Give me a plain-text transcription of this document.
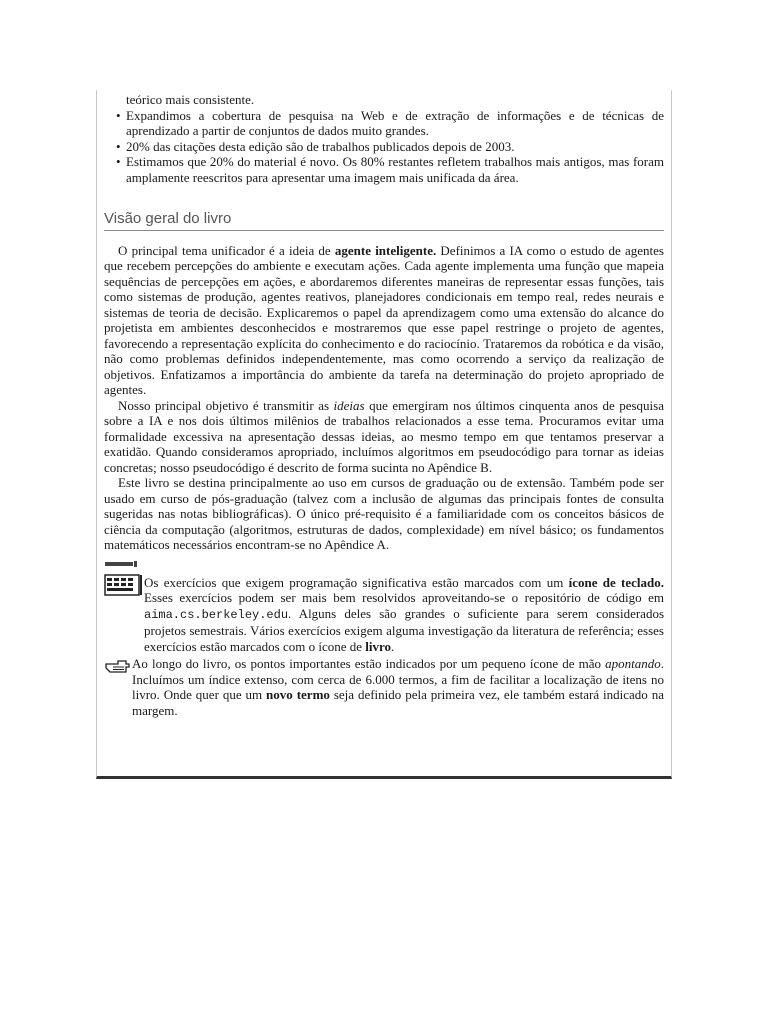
teórico mais consistente.
• Expandimos a cobertura de pesquisa na Web e de extração de informações e de técnicas de aprendizado a partir de conjuntos de dados muito grandes.
• 20% das citações desta edição são de trabalhos publicados depois de 2003.
• Estimamos que 20% do material é novo. Os 80% restantes refletem trabalhos mais antigos, mas foram amplamente reescritos para apresentar uma imagem mais unificada da área.
Visão geral do livro

O principal tema unificador é a ideia de agente inteligente. Definimos a IA como o estudo de agentes que recebem percepções do ambiente e executam ações. Cada agente implementa uma função que mapeia sequências de percepções em ações, e abordaremos diferentes maneiras de representar essas funções, tais como sistemas de produção, agentes reativos, planejadores condicionais em tempo real, redes neurais e sistemas de teoria de decisão. Explicaremos o papel da aprendizagem como uma extensão do alcance do projetista em ambientes desconhecidos e mostraremos que esse papel restringe o projeto de agentes, favorecendo a representação explícita do conhecimento e do raciocínio. Trataremos da robótica e da visão, não como problemas definidos independentemente, mas como ocorrendo a serviço da realização de objetivos. Enfatizamos a importância do ambiente da tarefa na determinação do projeto apropriado de agentes.

Nosso principal objetivo é transmitir as ideias que emergiram nos últimos cinquenta anos de pesquisa sobre a IA e nos dois últimos milênios de trabalhos relacionados a esse tema. Procuramos evitar uma formalidade excessiva na apresentação dessas ideias, ao mesmo tempo em que tentamos preservar a exatidão. Quando consideramos apropriado, incluímos algoritmos em pseudocódigo para tornar as ideias concretas; nosso pseudocódigo é descrito de forma sucinta no Apêndice B.

Este livro se destina principalmente ao uso em cursos de graduação ou de extensão. Também pode ser usado em curso de pós-graduação (talvez com a inclusão de algumas das principais fontes de consulta sugeridas nas notas bibliográficas). O único pré-requisito é a familiaridade com os conceitos básicos de ciência da computação (algoritmos, estruturas de dados, complexidade) em nível básico; os fundamentos matemáticos necessários encontram-se no Apêndice A.

Os exercícios que exigem programação significativa estão marcados com um ícone de teclado. Esses exercícios podem ser mais bem resolvidos aproveitando-se o repositório de código em aima.cs.berkeley.edu. Alguns deles são grandes o suficiente para serem considerados projetos semestrais. Vários exercícios exigem alguma investigação da literatura de referência; esses exercícios estão marcados com o ícone de livro.
Ao longo do livro, os pontos importantes estão indicados por um pequeno ícone de mão apontando. Incluímos um índice extenso, com cerca de 6.000 termos, a fim de facilitar a localização de itens no livro. Onde quer que um novo termo seja definido pela primeira vez, ele também estará indicado na margem.
